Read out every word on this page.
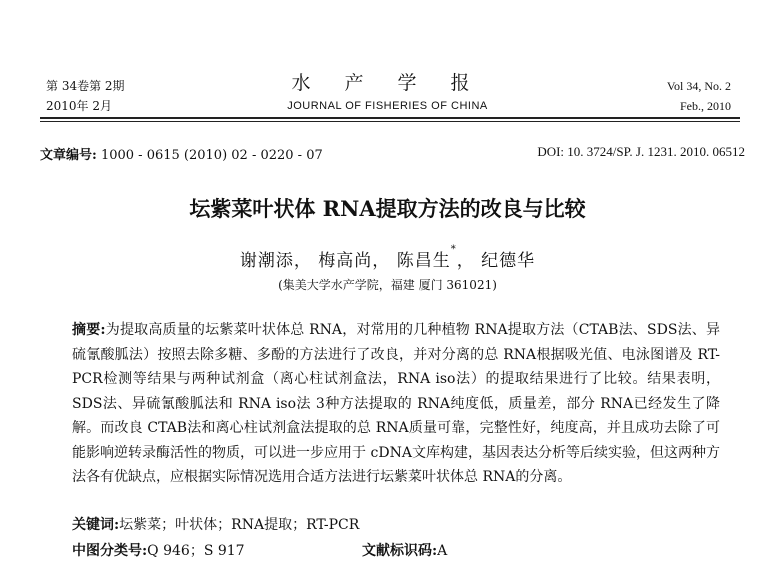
第 34卷第 2期
2010年 2月
水 产 学 报
JOURNAL OF FISHERIES OF CHINA
Vol 34, No. 2
Feb., 2010
文章编号: 1000 - 0615 (2010) 02 - 0220 - 07	DOI: 10. 3724/SP. J. 1231. 2010. 06512
坛紫菜叶状体 RNA提取方法的改良与比较
谢潮添， 梅高尚， 陈昌生*， 纪德华
(集美大学水产学院，福建 厦门 361021)
摘要:为提取高质量的坛紫菜叶状体总 RNA，对常用的几种植物 RNA提取方法（CTAB法、SDS法、异硫氰酸胍法）按照去除多糖、多酚的方法进行了改良，并对分离的总 RNA根据吸光值、电泳图谱及 RT-PCR检测等结果与两种试剂盒（离心柱试剂盒法，RNA iso法）的提取结果进行了比较。结果表明，SDS法、异硫氰酸胍法和 RNA iso法 3种方法提取的 RNA纯度低，质量差，部分 RNA已经发生了降解。而改良 CTAB法和离心柱试剂盒法提取的总 RNA质量可靠，完整性好，纯度高，并且成功去除了可能影响逆转录酶活性的物质，可以进一步应用于 cDNA文库构建，基因表达分析等后续实验，但这两种方法各有优缺点，应根据实际情况选用合适方法进行坛紫菜叶状体总 RNA的分离。
关键词:坛紫菜；叶状体；RNA提取；RT-PCR
中图分类号:Q 946；S 917	文献标识码:A
